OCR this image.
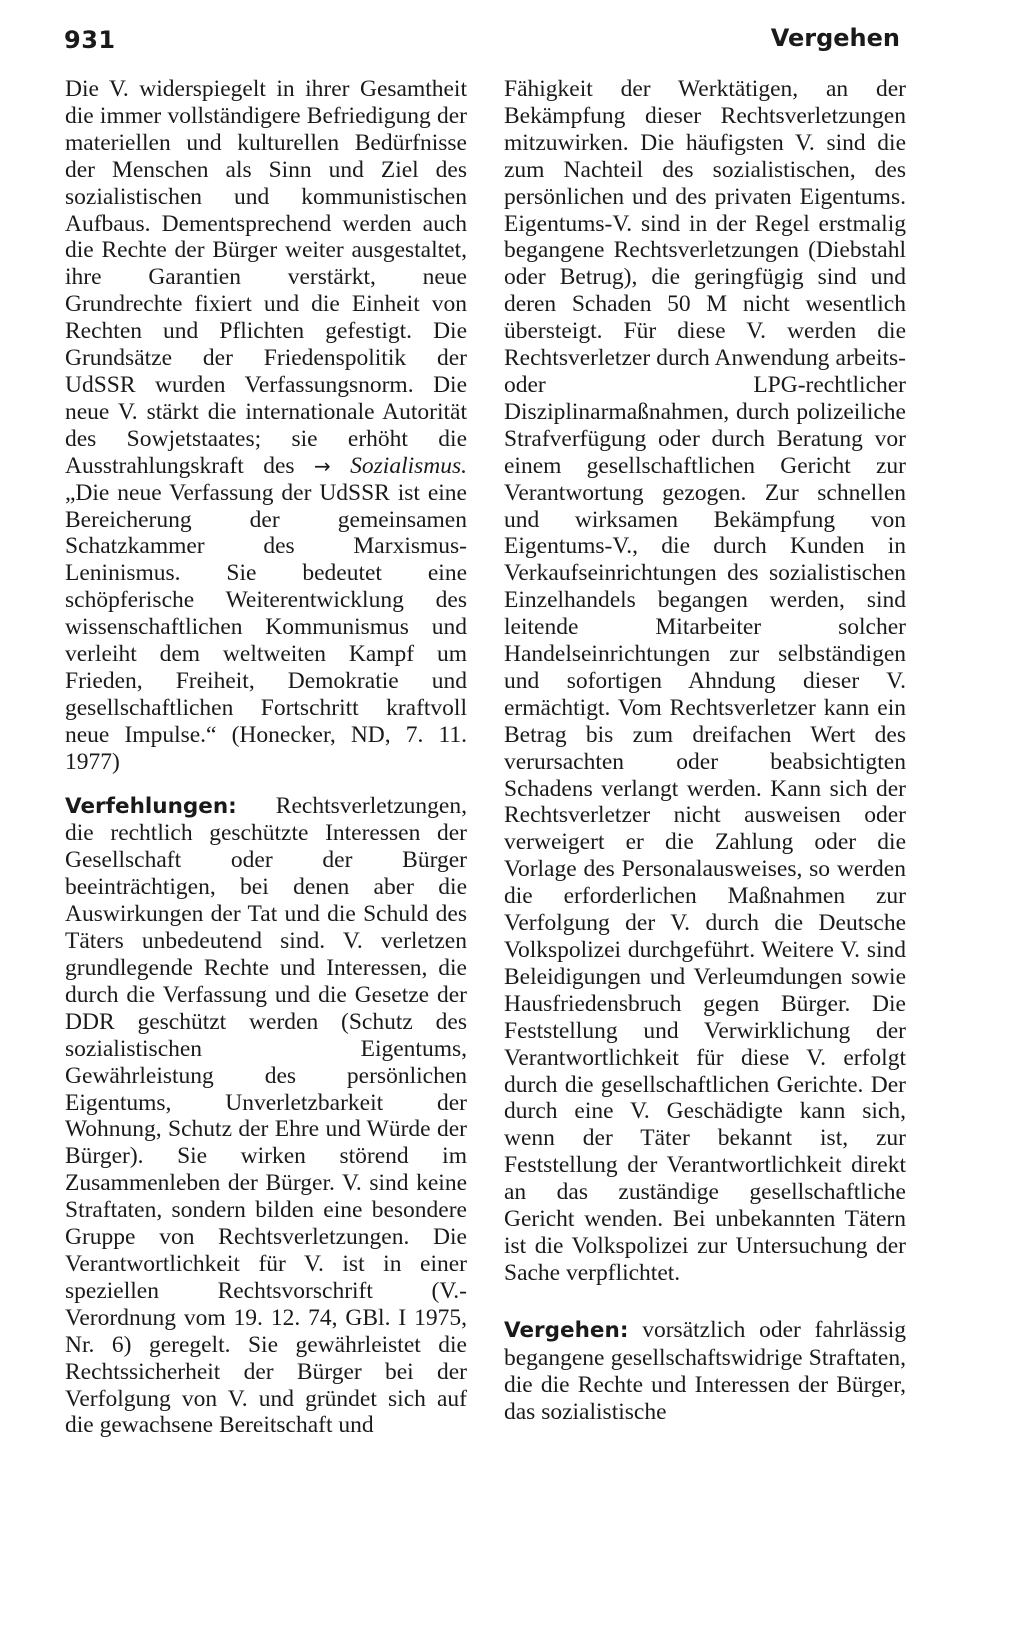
931	Vergehen

Die V. widerspiegelt in ihrer Gesamtheit die immer vollständigere Befriedigung der materiellen und kulturellen Bedürfnisse der Menschen als Sinn und Ziel des sozialistischen und kommunistischen Aufbaus. Dementsprechend werden auch die Rechte der Bürger weiter ausgestaltet, ihre Garantien verstärkt, neue Grundrechte fixiert und die Einheit von Rechten und Pflichten gefestigt. Die Grundsätze der Friedenspolitik der UdSSR wurden Verfassungsnorm. Die neue V. stärkt die internationale Autorität des Sowjetstaates; sie erhöht die Ausstrahlungskraft des → Sozialismus. „Die neue Verfassung der UdSSR ist eine Bereicherung der gemeinsamen Schatzkammer des Marxismus-Leninismus. Sie bedeutet eine schöpferische Weiterentwicklung des wissenschaftlichen Kommunismus und verleiht dem weltweiten Kampf um Frieden, Freiheit, Demokratie und gesellschaftlichen Fortschritt kraftvoll neue Impulse.“ (Honecker, ND, 7. 11. 1977)

Verfehlungen: Rechtsverletzungen, die rechtlich geschützte Interessen der Gesellschaft oder der Bürger beeinträchtigen, bei denen aber die Auswirkungen der Tat und die Schuld des Täters unbedeutend sind. V. verletzen grundlegende Rechte und Interessen, die durch die Verfassung und die Gesetze der DDR geschützt werden (Schutz des sozialistischen Eigentums, Gewährleistung des persönlichen Eigentums, Unverletzbarkeit der Wohnung, Schutz der Ehre und Würde der Bürger). Sie wirken störend im Zusammenleben der Bürger. V. sind keine Straftaten, sondern bilden eine besondere Gruppe von Rechtsverletzungen. Die Verantwortlichkeit für V. ist in einer speziellen Rechtsvorschrift (V.-Verordnung vom 19. 12. 74, GBl. I 1975, Nr. 6) geregelt. Sie gewährleistet die Rechtssicherheit der Bürger bei der Verfolgung von V. und gründet sich auf die gewachsene Bereitschaft und

Fähigkeit der Werktätigen, an der Bekämpfung dieser Rechtsverletzungen mitzuwirken. Die häufigsten V. sind die zum Nachteil des sozialistischen, des persönlichen und des privaten Eigentums. Eigentums-V. sind in der Regel erstmalig begangene Rechtsverletzungen (Diebstahl oder Betrug), die geringfügig sind und deren Schaden 50 M nicht wesentlich übersteigt. Für diese V. werden die Rechtsverletzer durch Anwendung arbeits- oder LPG-rechtlicher Disziplinarmaßnahmen, durch polizeiliche Strafverfügung oder durch Beratung vor einem gesellschaftlichen Gericht zur Verantwortung gezogen. Zur schnellen und wirksamen Bekämpfung von Eigentums-V., die durch Kunden in Verkaufseinrichtungen des sozialistischen Einzelhandels begangen werden, sind leitende Mitarbeiter solcher Handelseinrichtungen zur selbständigen und sofortigen Ahndung dieser V. ermächtigt. Vom Rechtsverletzer kann ein Betrag bis zum dreifachen Wert des verursachten oder beabsichtigten Schadens verlangt werden. Kann sich der Rechtsverletzer nicht ausweisen oder verweigert er die Zahlung oder die Vorlage des Personalausweises, so werden die erforderlichen Maßnahmen zur Verfolgung der V. durch die Deutsche Volkspolizei durchgeführt. Weitere V. sind Beleidigungen und Verleumdungen sowie Hausfriedensbruch gegen Bürger. Die Feststellung und Verwirklichung der Verantwortlichkeit für diese V. erfolgt durch die gesellschaftlichen Gerichte. Der durch eine V. Geschädigte kann sich, wenn der Täter bekannt ist, zur Feststellung der Verantwortlichkeit direkt an das zuständige gesellschaftliche Gericht wenden. Bei unbekannten Tätern ist die Volkspolizei zur Untersuchung der Sache verpflichtet.

Vergehen: vorsätzlich oder fahrlässig begangene gesellschaftswidrige Straftaten, die die Rechte und Interessen der Bürger, das sozialistische
